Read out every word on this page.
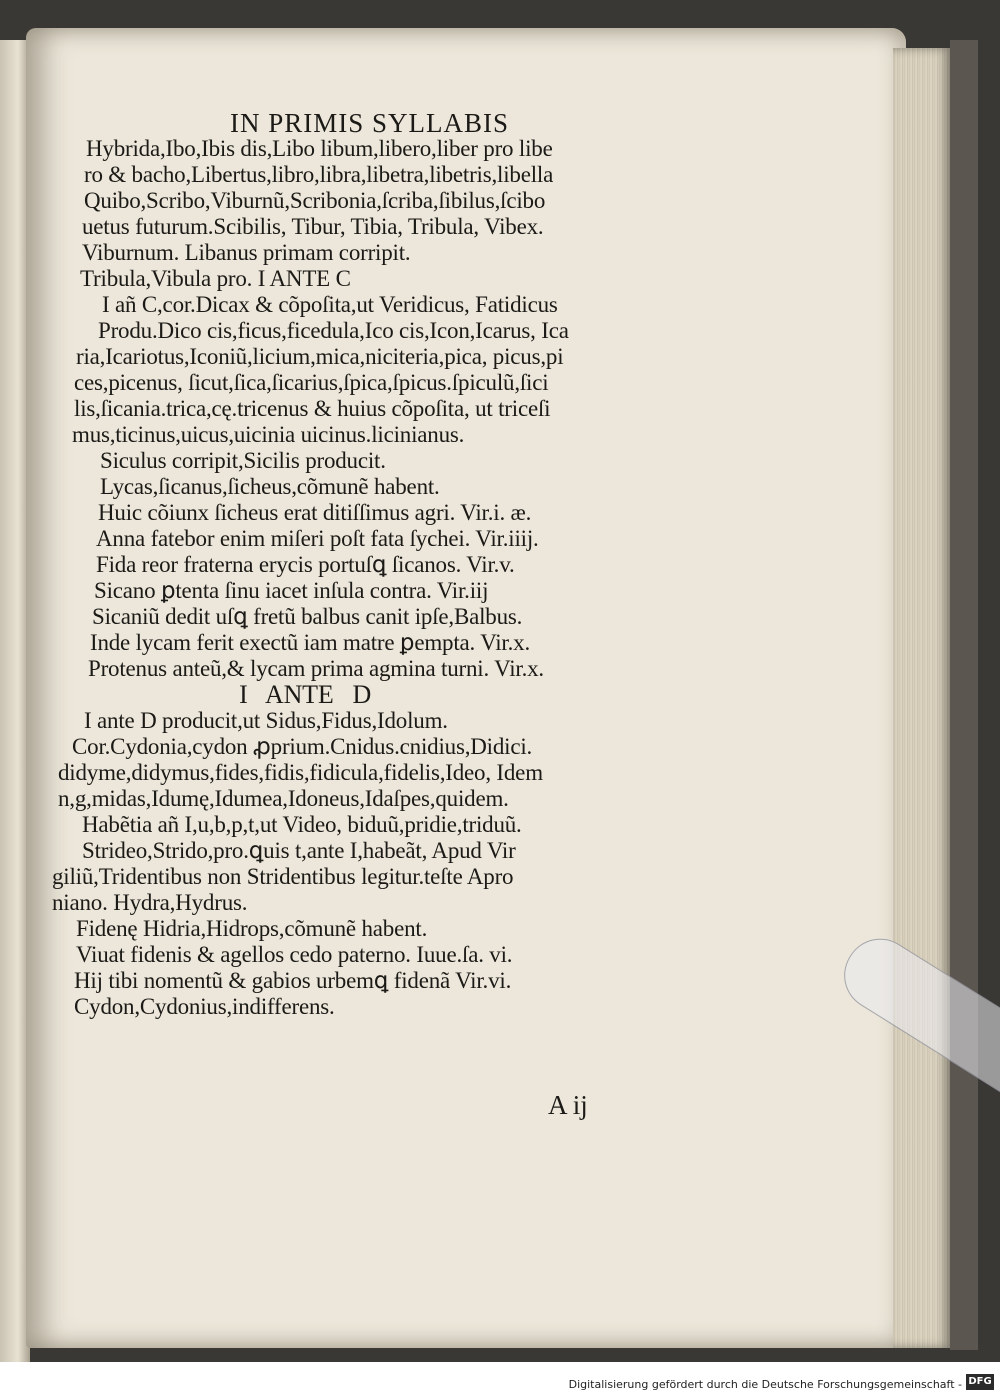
IN PRIMIS SYLLABIS
Hybrida,Ibo,Ibis dis,Libo libum,libero,liber pro libe
ro & bacho,Libertus,libro,libra,libetra,libetris,libella
Quibo,Scribo,Viburnũ,Scribonia,ſcriba,ſibilus,ſcibo
uetus futurum.Scibilis, Tibur, Tibia, Tribula, Vibex.
Viburnum. Libanus primam corripit.
Tribula,Vibula pro. I ANTE C
I añ C,cor.Dicax & cõpoſita,ut Veridicus, Fatidicus
Produ.Dico cis,ficus,ficedula,Ico cis,Icon,Icarus, Ica
ria,Icariotus,Iconiũ,licium,mica,niciteria,pica, picus,pi
ces,picenus, ſicut,ſica,ſicarius,ſpica,ſpicus.ſpiculũ,ſici
lis,ſicania.trica,cę.tricenus & huius cõpoſita, ut triceſi
mus,ticinus,uicus,uicinia uicinus.licinianus.
Siculus corripit,Sicilis producit.
Lycas,ſicanus,ſicheus,cõmunẽ habent.
Huic cõiunx ſicheus erat ditiſſimus agri. Vir.i. æ.
Anna fatebor enim miſeri poſt fata ſychei. Vir.iiij.
Fida reor fraterna erycis portuſꝗ ſicanos. Vir.v.
Sicano ꝑtenta ſinu iacet inſula contra. Vir.iij
Sicaniũ dedit uſꝗ fretũ balbus canit ipſe,Balbus.
Inde lycam ferit exectũ iam matre ꝑempta. Vir.x.
Protenus anteũ,& lycam prima agmina turni. Vir.x.
I   ANTE   D
I ante D producit,ut Sidus,Fidus,Idolum.
Cor.Cydonia,cydon ꝓprium.Cnidus.cnidius,Didici.
didyme,didymus,fides,fidis,fidicula,fidelis,Ideo, Idem
n,g,midas,Idumę,Idumea,Idoneus,Idaſpes,quidem.
Habẽtia añ I,u,b,p,t,ut Video, biduũ,pridie,triduũ.
Strideo,Strido,pro.ꝗuis t,ante I,habeãt, Apud Vir
giliũ,Tridentibus non Stridentibus legitur.teſte Apro
niano. Hydra,Hydrus.
Fidenę Hidria,Hidrops,cõmunẽ habent.
Viuat fidenis & agellos cedo paterno. Iuue.ſa. vi.
Hij tibi nomentũ & gabios urbemꝗ fidenã Vir.vi.
Cydon,Cydonius,indifferens.
A ij
Digitalisierung gefördert durch die Deutsche Forschungsgemeinschaft - DFG
